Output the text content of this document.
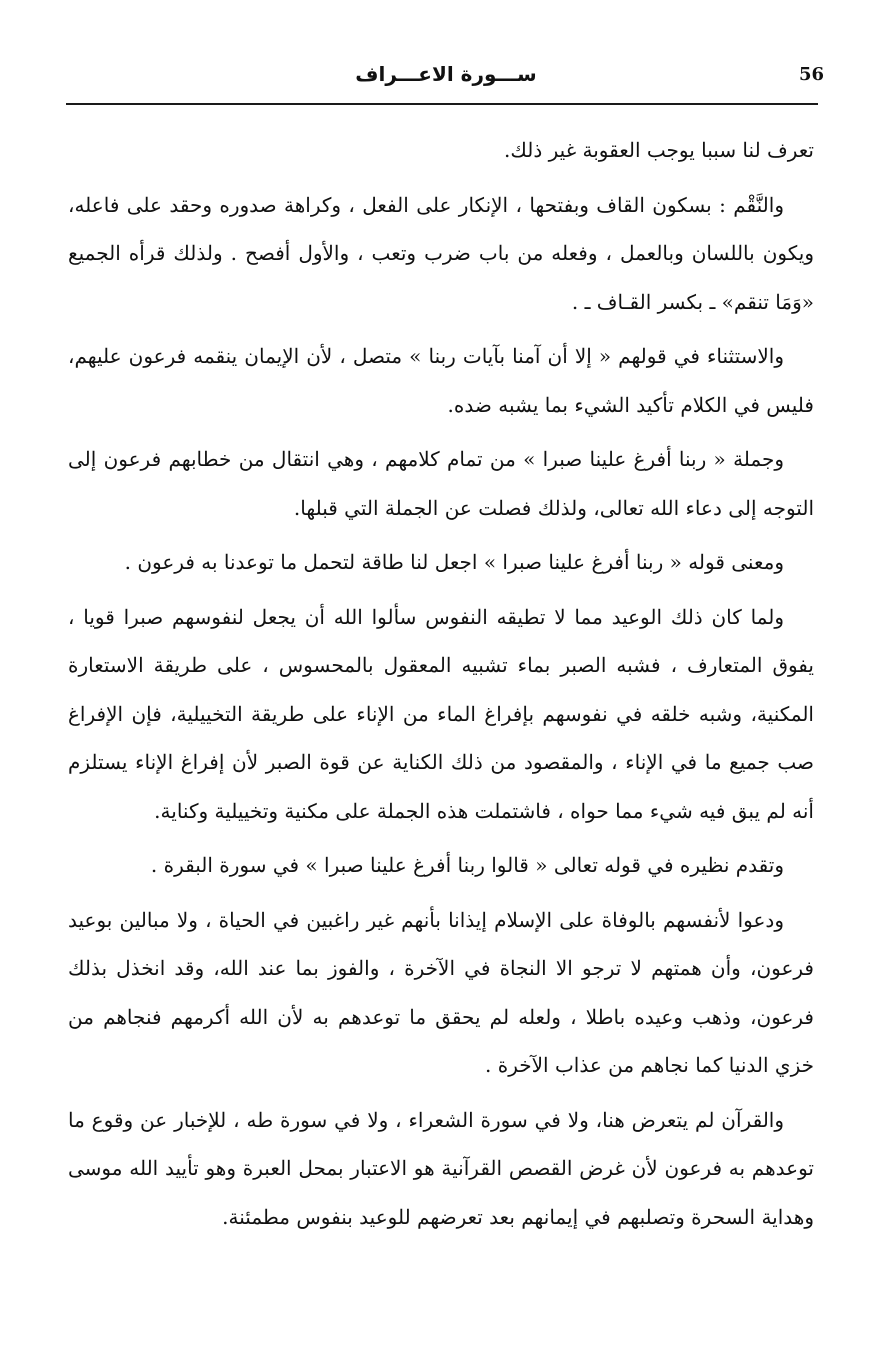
56
ســـورة الاعـــراف

تعرف لنا سببا يوجب العقوبة غير ذلك.

والنَّقْم : بسكون القاف وبفتحها ، الإنكار على الفعل ، وكراهة صدوره وحقد على فاعله، ويكون باللسان وبالعمل ، وفعله من باب ضرب وتعب ، والأول أفصح . ولذلك قرأه الجميع «وَمَا تنقم» ـ بكسر القـاف ـ .

والاستثناء في قولهم « إلا أن آمنا بآيات ربنا » متصل ، لأن الإيمان ينقمه فرعون عليهم، فليس في الكلام تأكيد الشيء بما يشبه ضده.

وجملة « ربنا أفرغ علينا صبرا » من تمام كلامهم ، وهي انتقال من خطابهم فرعون إلى التوجه إلى دعاء الله تعالى، ولذلك فصلت عن الجملة التي قبلها.

ومعنى قوله « ربنا أفرغ علينا صبرا » اجعل لنا طاقة لتحمل ما توعدنا به فرعون .

ولما كان ذلك الوعيد مما لا تطيقه النفوس سألوا الله أن يجعل لنفوسهم صبرا قويا ، يفوق المتعارف ، فشبه الصبر بماء تشبيه المعقول بالمحسوس ، على طريقة الاستعارة المكنية، وشبه خلقه في نفوسهم بإفراغ الماء من الإناء على طريقة التخييلية، فإن الإفراغ صب جميع ما في الإناء ، والمقصود من ذلك الكناية عن قوة الصبر لأن إفراغ الإناء يستلزم أنه لم يبق فيه شيء مما حواه ، فاشتملت هذه الجملة على مكنية وتخييلية وكناية.

وتقدم نظيره في قوله تعالى « قالوا ربنا أفرغ علينا صبرا » في سورة البقرة .

ودعوا لأنفسهم بالوفاة على الإسلام إيذانا بأنهم غير راغبين في الحياة ، ولا مبالين بوعيد فرعون، وأن همتهم لا ترجو الا النجاة في الآخرة ، والفوز بما عند الله، وقد انخذل بذلك فرعون، وذهب وعيده باطلا ، ولعله لم يحقق ما توعدهم به لأن الله أكرمهم فنجاهم من خزي الدنيا كما نجاهم من عذاب الآخرة .

والقرآن لم يتعرض هنا، ولا في سورة الشعراء ، ولا في سورة طه ، للإخبار عن وقوع ما توعدهم به فرعون لأن غرض القصص القرآنية هو الاعتبار بمحل العبرة وهو تأييد الله موسى وهداية السحرة وتصلبهم في إيمانهم بعد تعرضهم للوعيد بنفوس مطمئنة.
